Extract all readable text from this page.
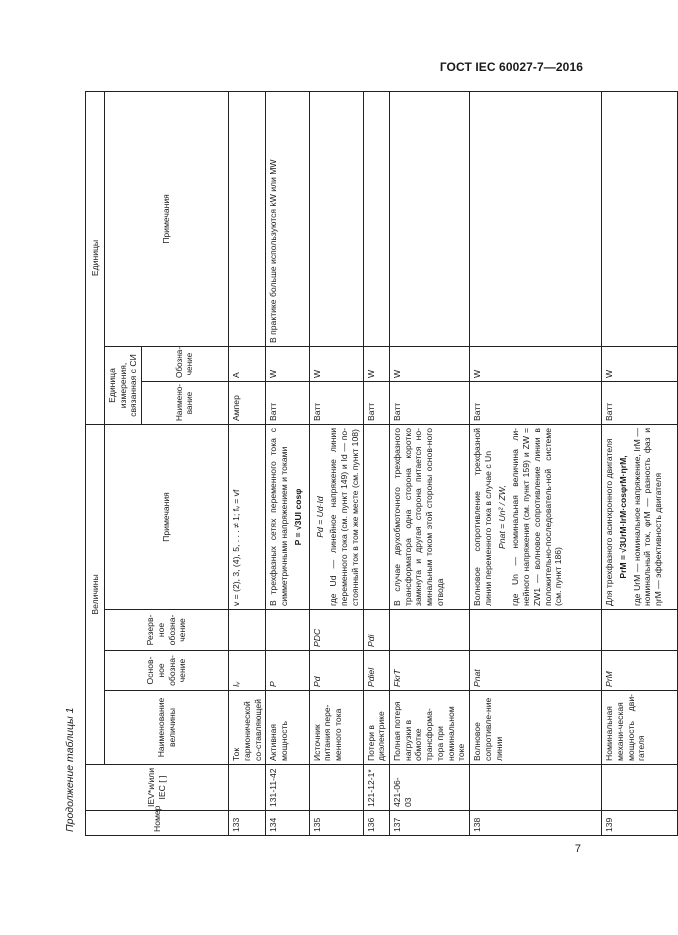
ГОСТ IEC 60027-7—2016
Продолжение таблицы 1	Номер	IEV*и/или IEC [ ]	Величины				Единицы		
		Наименование величины	Основ-ное обозна-чение	Резерв-ное обозна-чение	Примечания	Единица измерения, связанная с СИ		Примечания
						Наимено-вание	Обозна-чение	
133		Ток гармонической со-ставляющей	Iᵥ		v = (2), 3, (4), 5, . . . ≠ 1; fᵥ = vf	Ампер	A	
134	131-11-42	Активная мощность	P		В трехфазных сетях переменного тока с симметричными напряжением и токами P = √3UI cosφ	Ватт	W	В практике больше используются kW или MW
135		Источник питания пере-менного тока	Pd	PDC	Pd = Ud·Id где Ud — линейное напряжение линии переменного тока (см. пункт 149) и Id — по-стоянный ток в том же месте (см. пункт 108)	Ватт	W	
136	121-12-1*	Потери в диэлектрике	Pdiel	Pdi		Ватт	W	
137	421-06-03	Полная потеря нагрузки в обмотке трансформа-тора при номинальном токе	FkrT		В случае двухобмоточного трехфазного трансформатора одна сторона коротко замкнута и другая сторона питается но-минальным током этой стороны основ-ного отвода	Ватт	W	
138		Волновое сопротивле-ние линии	Pnat		Волновое сопротивление трехфазной линии переменного тока в случае с Un Pnat = Un² / ZW, где Un — номинальная величина ли-нейного напряжения (см. пункт 159) и ZW = ZW1 — волновое сопротивление линии в положительно-последователь-ной системе (см. пункт 186)	Ватт	W	
139		Номинальная механи-ческая мощность дви-гателя	PrM		Для трехфазного асинхронного двигателя PrM = √3UrM·IrM·cosφrM·ηrM, где UrM — номинальное напряжение, IrM — номинальный ток, φrM — разность фаз и ηrM — эффективность двигателя	Ватт	W	
7
